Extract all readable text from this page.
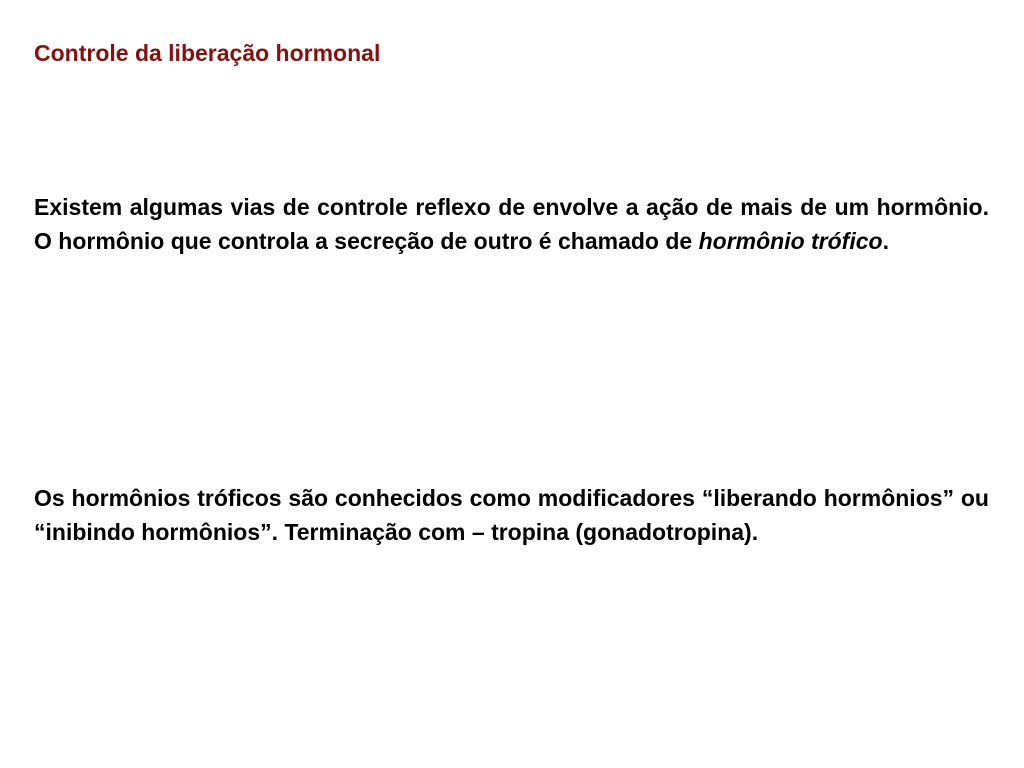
Controle da liberação hormonal

Existem algumas vias de controle reflexo de envolve a ação de mais de um hormônio. O hormônio que controla a secreção de outro é chamado de hormônio trófico.

Os hormônios tróficos são conhecidos como modificadores “liberando hormônios” ou “inibindo hormônios”. Terminação com – tropina (gonadotropina).
